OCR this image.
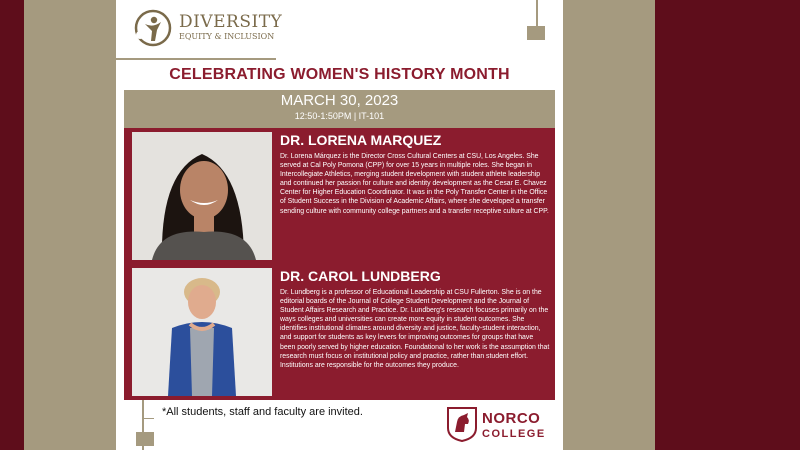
DIVERSITY
EQUITY & INCLUSION
CELEBRATING WOMEN'S HISTORY MONTH
MARCH 30, 2023
12:50-1:50PM | IT-101
DR. LORENA MARQUEZ

Dr. Lorena Márquez is the Director Cross Cultural Centers at CSU, Los Angeles. She served at Cal Poly Pomona (CPP) for over 15 years in multiple roles. She began in Intercollegiate Athletics, merging student development with student athlete leadership and continued her passion for culture and identity development as the Cesar E. Chavez Center for Higher Education Coordinator. It was in the Poly Transfer Center in the Office of Student Success in the Division of Academic Affairs, where she developed a transfer sending culture with community college partners and a transfer receptive culture at CPP.

DR. CAROL LUNDBERG

Dr. Lundberg is a professor of Educational Leadership at CSU Fullerton. She is on the editorial boards of the Journal of College Student Development and the Journal of Student Affairs Research and Practice. Dr. Lundberg's research focuses primarily on the ways colleges and universities can create more equity in student outcomes. She identifies institutional climates around diversity and justice, faculty-student interaction, and support for students as key levers for improving outcomes for groups that have been poorly served by higher education. Foundational to her work is the assumption that research must focus on institutional policy and practice, rather than student effort. Institutions are responsible for the outcomes they produce.

*All students, staff and faculty are invited.	NORCO
COLLEGE
